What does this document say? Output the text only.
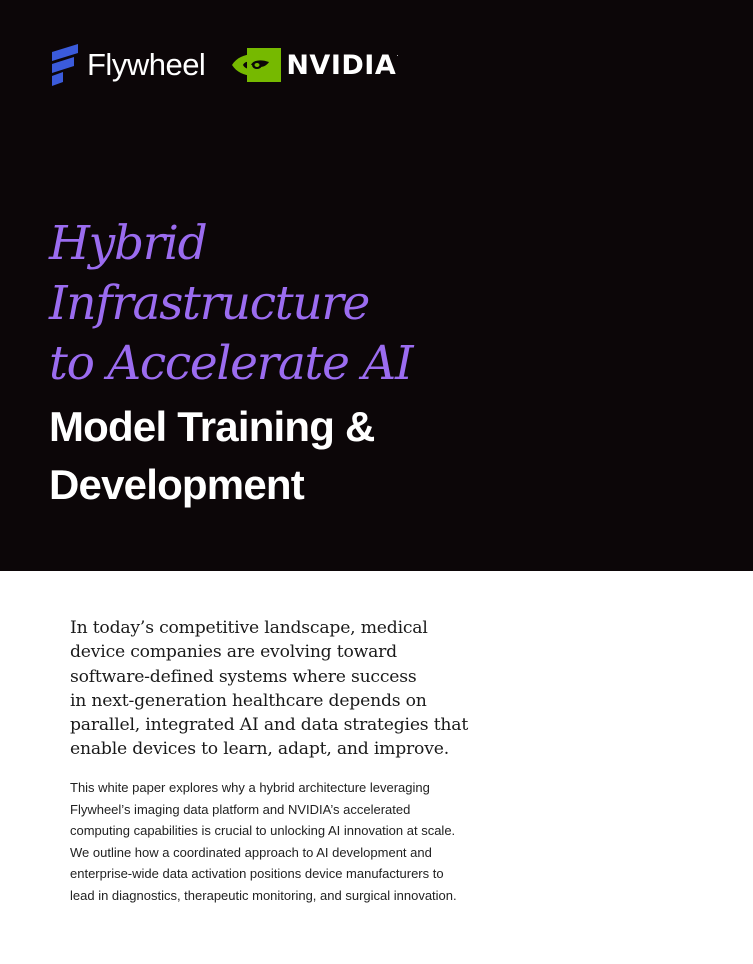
Flywheel	NVIDIA.
Hybrid
Infrastructure
to Accelerate AI
Model Training &
Development
In today’s competitive landscape, medical
device companies are evolving toward
software-defined systems where success
in next-generation healthcare depends on
parallel, integrated AI and data strategies that
enable devices to learn, adapt, and improve.
This white paper explores why a hybrid architecture leveraging
Flywheel’s imaging data platform and NVIDIA’s accelerated
computing capabilities is crucial to unlocking AI innovation at scale.
We outline how a coordinated approach to AI development and
enterprise-wide data activation positions device manufacturers to
lead in diagnostics, therapeutic monitoring, and surgical innovation.
